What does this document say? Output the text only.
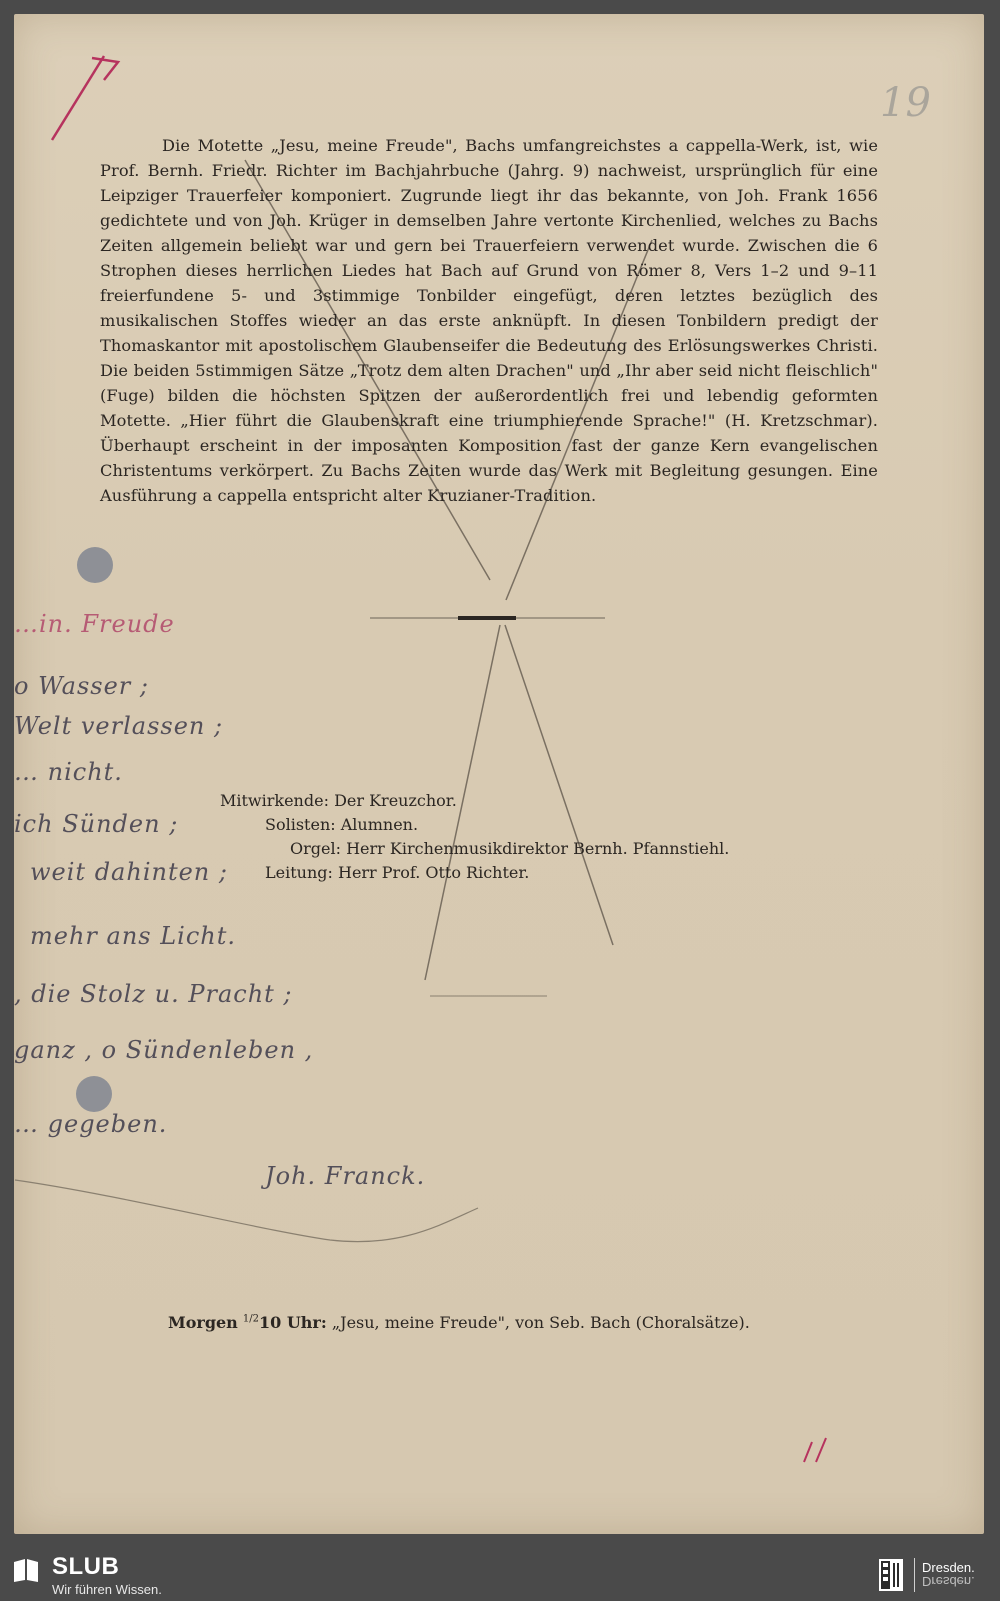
19

Die Motette „Jesu, meine Freude", Bachs umfangreichstes a cappella-Werk, ist, wie Prof. Bernh. Friedr. Richter im Bachjahrbuche (Jahrg. 9) nachweist, ursprünglich für eine Leipziger Trauerfeier komponiert. Zugrunde liegt ihr das bekannte, von Joh. Frank 1656 gedichtete und von Joh. Krüger in demselben Jahre vertonte Kirchenlied, welches zu Bachs Zeiten allgemein beliebt war und gern bei Trauerfeiern verwendet wurde. Zwischen die 6 Strophen dieses herrlichen Liedes hat Bach auf Grund von Römer 8, Vers 1–2 und 9–11 freierfundene 5- und 3stimmige Tonbilder eingefügt, deren letztes bezüglich des musikalischen Stoffes wieder an das erste anknüpft. In diesen Tonbildern predigt der Thomaskantor mit apostolischem Glaubenseifer die Bedeutung des Erlösungswerkes Christi. Die beiden 5stimmigen Sätze „Trotz dem alten Drachen" und „Ihr aber seid nicht fleischlich" (Fuge) bilden die höchsten Spitzen der außerordentlich frei und lebendig geformten Motette. „Hier führt die Glaubenskraft eine triumphierende Sprache!" (H. Kretzschmar). Überhaupt erscheint in der imposanten Komposition fast der ganze Kern evangelischen Christentums verkörpert. Zu Bachs Zeiten wurde das Werk mit Begleitung gesungen. Eine Ausführung a cappella entspricht alter Kruzianer-Tradition.

…in. Freude
o Wasser ;
Welt verlassen ;
… nicht.
ich Sünden ;
weit dahinten ;
mehr ans Licht.
, die Stolz u. Pracht ;
ganz , o Sündenleben ,
… gegeben.
Joh. Franck.
Mitwirkende: Der Kreuzchor.
Solisten: Alumnen.
Orgel: Herr Kirchenmusikdirektor Bernh. Pfannstiehl.
Leitung: Herr Prof. Otto Richter.
Morgen $^{1/2}$10 Uhr: „Jesu, meine Freude", von Seb. Bach (Choralsätze).
SLUB
Wir führen Wissen.
Dresden.
Dresden.
